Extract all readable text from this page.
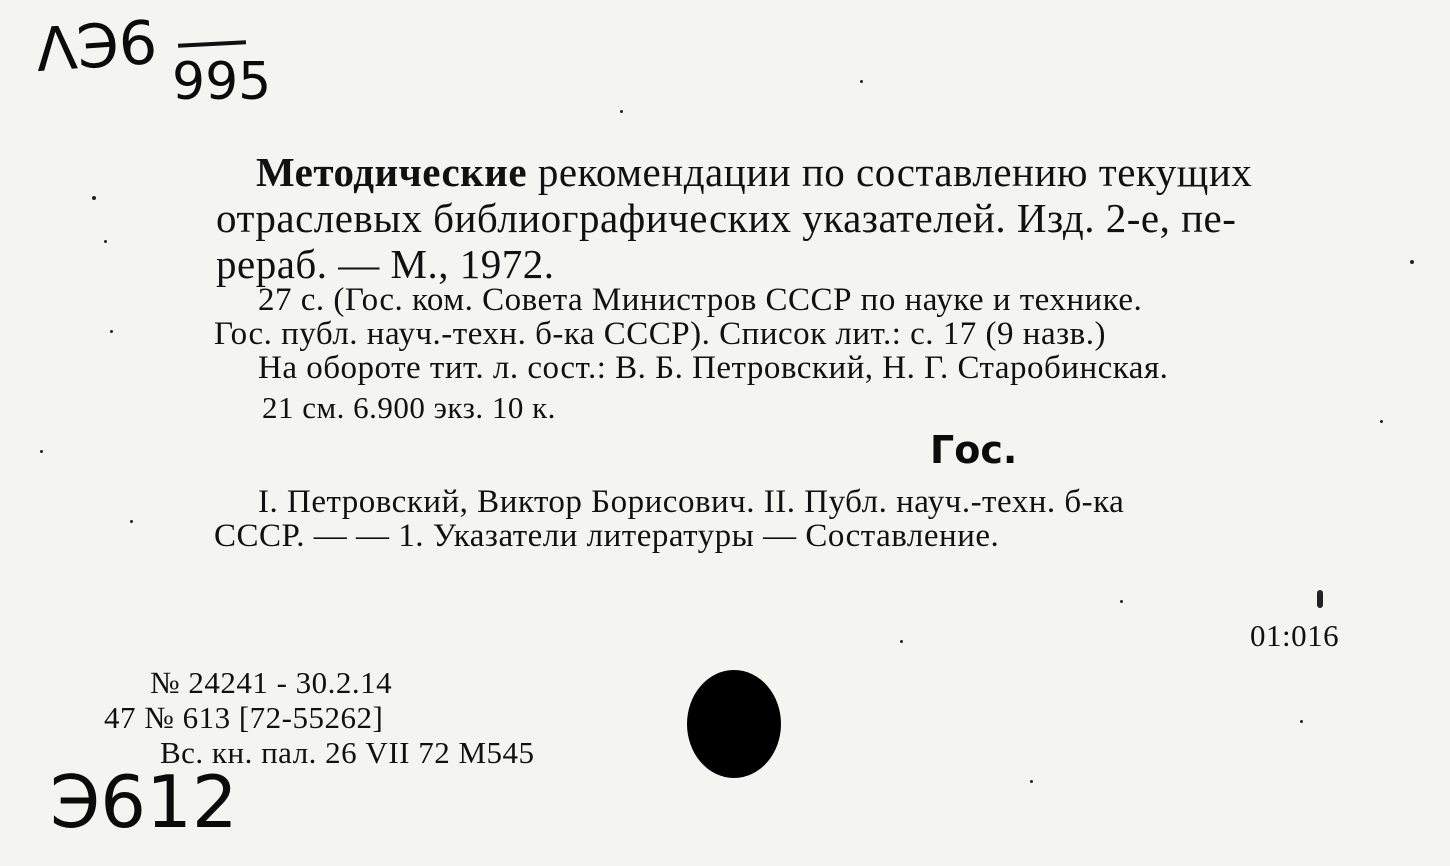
ΛЭ6 995
Э612
Гос.
Методические рекомендации по составлению текущих
отраслевых библиографических указателей. Изд. 2-е, пе-
рераб. — М., 1972.
27 с. (Гос. ком. Совета Министров СССР по науке и технике.
Гос. публ. науч.-техн. б-ка СССР). Список лит.: с. 17 (9 назв.)
На обороте тит. л. сост.: В. Б. Петровский, Н. Г. Старобинская.
21 см. 6.900 экз. 10 к.
I. Петровский, Виктор Борисович. II. Публ. науч.-техн. б-ка
СССР. — — 1. Указатели литературы — Составление.
01:016
№ 24241 - 30.2.14
47 № 613 [72-55262]
Вс. кн. пал. 26 VII 72 М545
